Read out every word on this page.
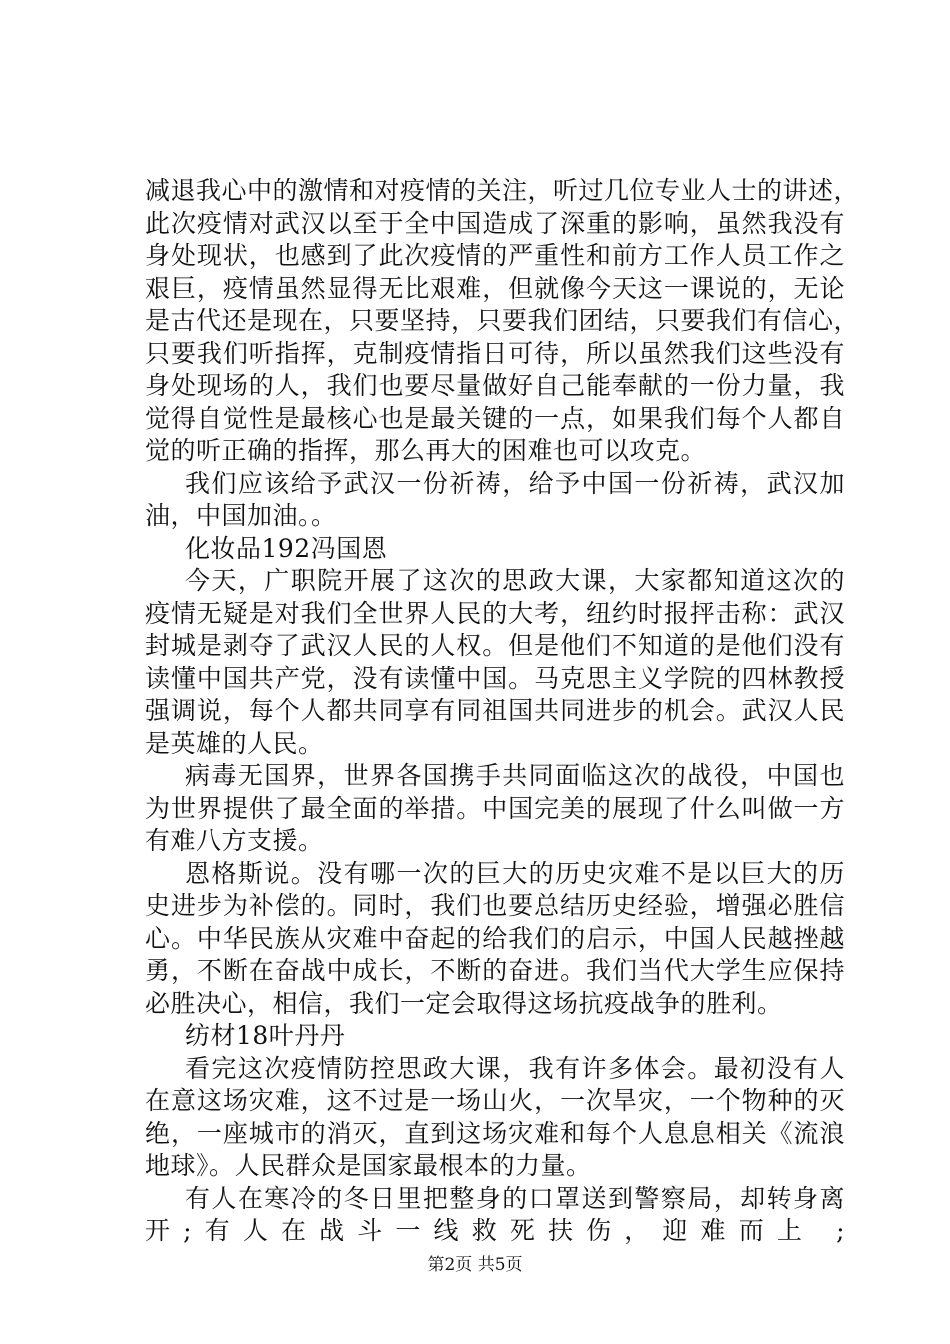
减退我心中的激情和对疫情的关注，听过几位专业人士的讲述，
此次疫情对武汉以至于全中国造成了深重的影响，虽然我没有
身处现状，也感到了此次疫情的严重性和前方工作人员工作之
艰巨，疫情虽然显得无比艰难，但就像今天这一课说的，无论
是古代还是现在，只要坚持，只要我们团结，只要我们有信心，
只要我们听指挥，克制疫情指日可待，所以虽然我们这些没有
身处现场的人，我们也要尽量做好自己能奉献的一份力量，我
觉得自觉性是最核心也是最关键的一点，如果我们每个人都自
觉的听正确的指挥，那么再大的困难也可以攻克。
我们应该给予武汉一份祈祷，给予中国一份祈祷，武汉加
油，中国加油。。
化妆品192冯国恩
今天，广职院开展了这次的思政大课，大家都知道这次的
疫情无疑是对我们全世界人民的大考，纽约时报抨击称：武汉
封城是剥夺了武汉人民的人权。但是他们不知道的是他们没有
读懂中国共产党，没有读懂中国。马克思主义学院的四林教授
强调说，每个人都共同享有同祖国共同进步的机会。武汉人民
是英雄的人民。
病毒无国界，世界各国携手共同面临这次的战役，中国也
为世界提供了最全面的举措。中国完美的展现了什么叫做一方
有难八方支援。
恩格斯说。没有哪一次的巨大的历史灾难不是以巨大的历
史进步为补偿的。同时，我们也要总结历史经验，增强必胜信
心。中华民族从灾难中奋起的给我们的启示，中国人民越挫越
勇，不断在奋战中成长，不断的奋进。我们当代大学生应保持
必胜决心，相信，我们一定会取得这场抗疫战争的胜利。
纺材18叶丹丹
看完这次疫情防控思政大课，我有许多体会。最初没有人
在意这场灾难，这不过是一场山火，一次旱灾，一个物种的灭
绝，一座城市的消灭，直到这场灾难和每个人息息相关《流浪
地球》。人民群众是国家最根本的力量。
有人在寒冷的冬日里把整身的口罩送到警察局，却转身离
开;有人在战斗一线救死扶伤，迎难而上 ;
第2页 共5页
